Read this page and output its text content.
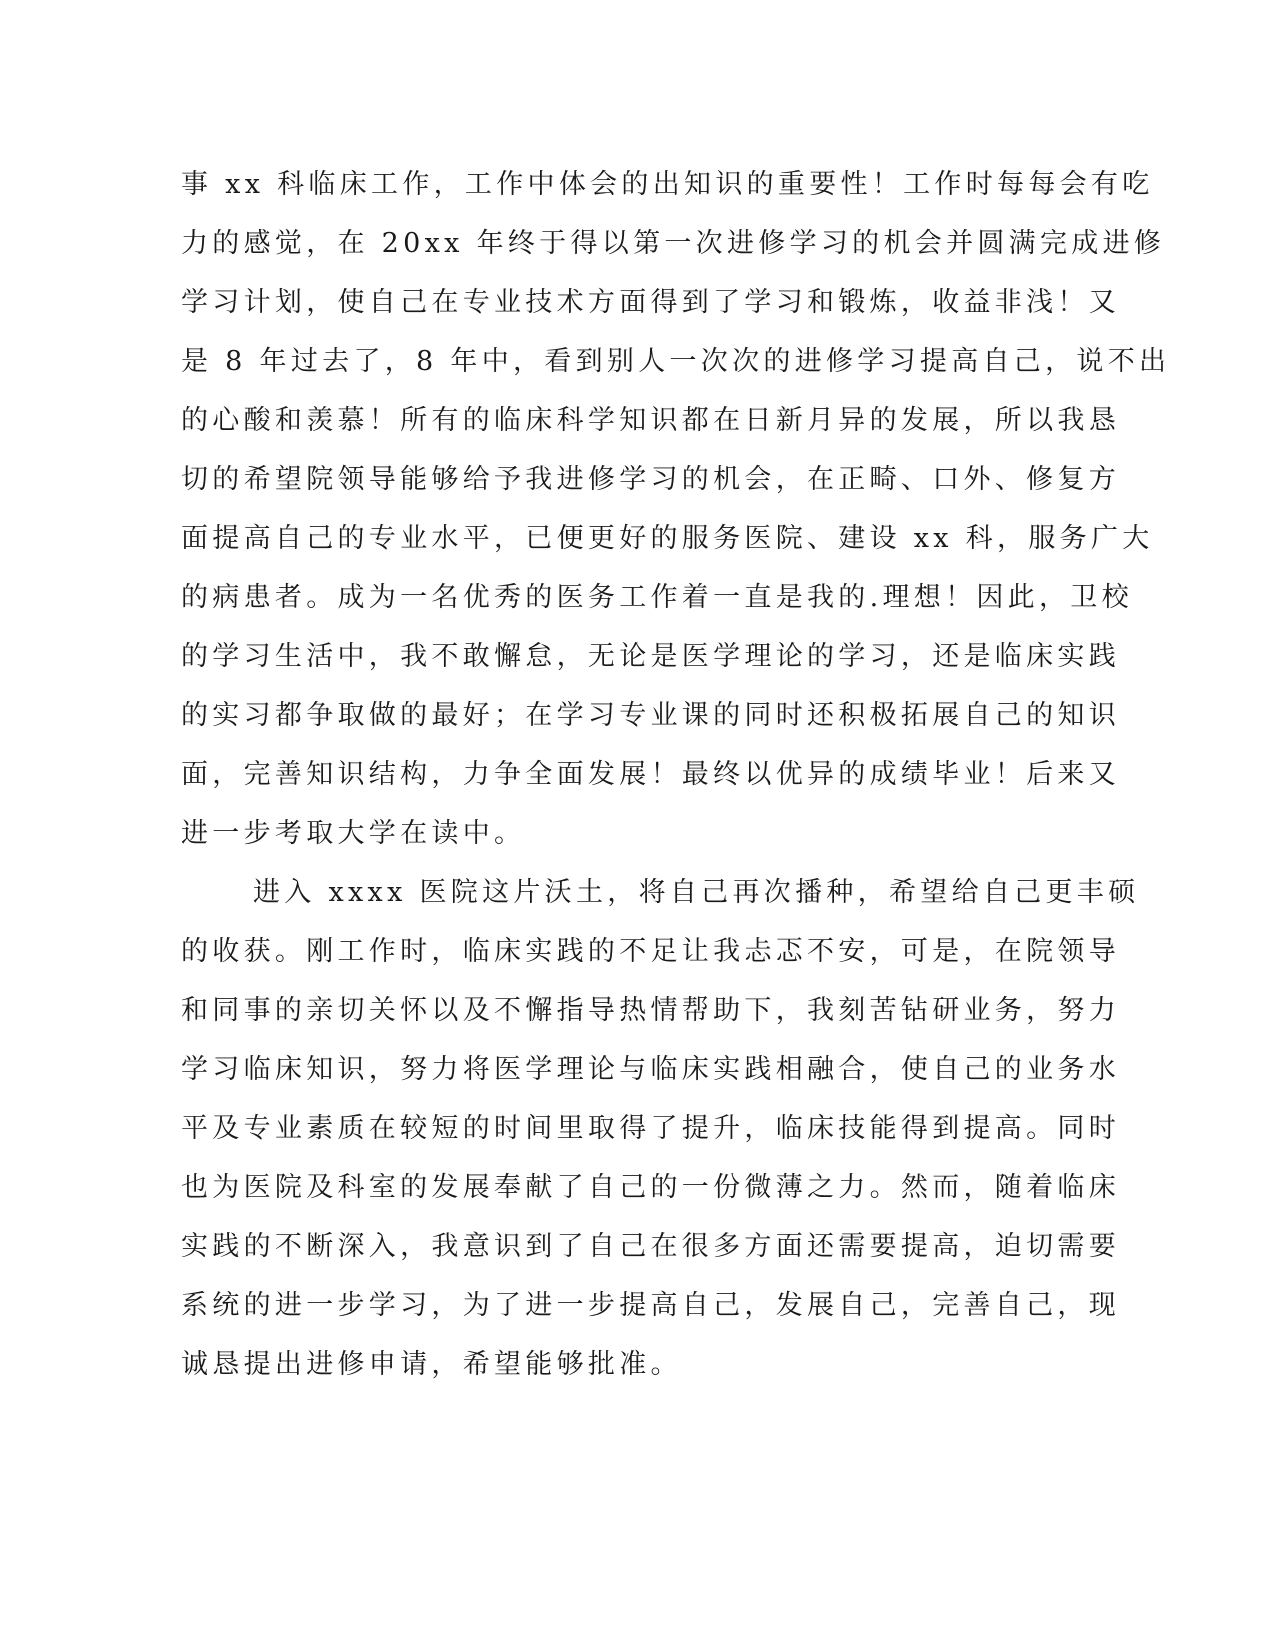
事 xx 科临床工作，工作中体会的出知识的重要性！工作时每每会有吃
力的感觉，在 20xx 年终于得以第一次进修学习的机会并圆满完成进修
学习计划，使自己在专业技术方面得到了学习和锻炼，收益非浅！又
是 8 年过去了，8 年中，看到别人一次次的进修学习提高自己，说不出
的心酸和羡慕！所有的临床科学知识都在日新月异的发展，所以我恳
切的希望院领导能够给予我进修学习的机会，在正畸、口外、修复方
面提高自己的专业水平，已便更好的服务医院、建设 xx 科，服务广大
的病患者。成为一名优秀的医务工作着一直是我的.理想！因此，卫校
的学习生活中，我不敢懈怠，无论是医学理论的学习，还是临床实践
的实习都争取做的最好；在学习专业课的同时还积极拓展自己的知识
面，完善知识结构，力争全面发展！最终以优异的成绩毕业！后来又
进一步考取大学在读中。
进入 xxxx 医院这片沃土，将自己再次播种，希望给自己更丰硕
的收获。刚工作时，临床实践的不足让我忐忑不安，可是，在院领导
和同事的亲切关怀以及不懈指导热情帮助下，我刻苦钻研业务，努力
学习临床知识，努力将医学理论与临床实践相融合，使自己的业务水
平及专业素质在较短的时间里取得了提升，临床技能得到提高。同时
也为医院及科室的发展奉献了自己的一份微薄之力。然而，随着临床
实践的不断深入，我意识到了自己在很多方面还需要提高，迫切需要
系统的进一步学习，为了进一步提高自己，发展自己，完善自己，现
诚恳提出进修申请，希望能够批准。
